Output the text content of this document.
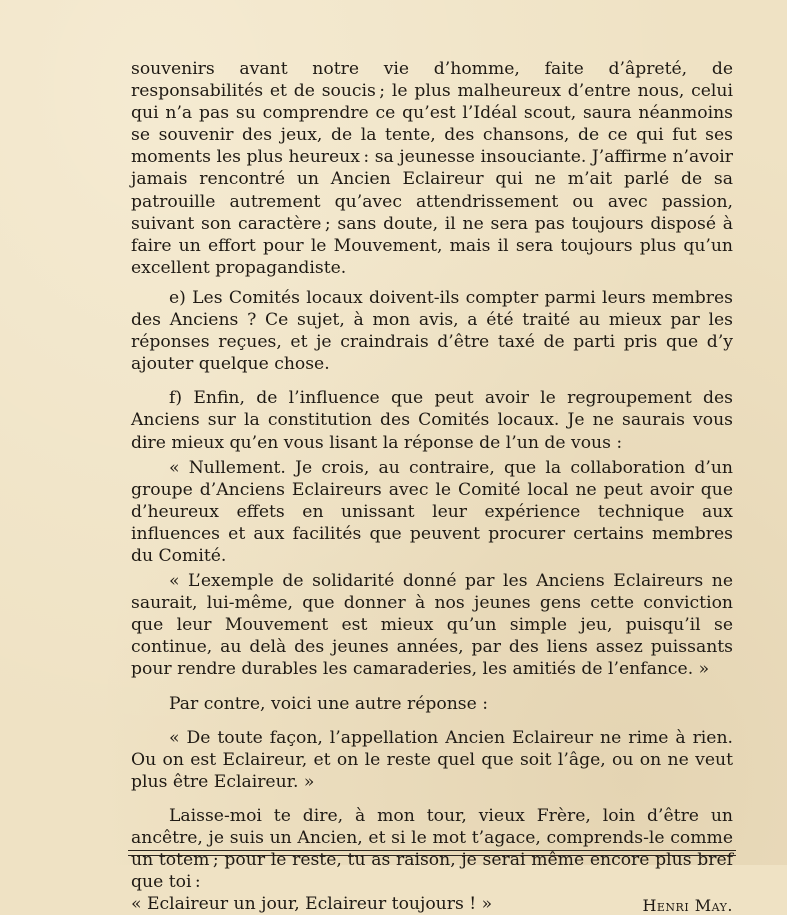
souvenirs avant notre vie d’homme, faite d’âpreté, de responsabilités et de soucis ; le plus malheureux d’entre nous, celui qui n’a pas su comprendre ce qu’est l’Idéal scout, saura néanmoins se souvenir des jeux, de la tente, des chansons, de ce qui fut ses moments les plus heureux : sa jeunesse insouciante. J’affirme n’avoir jamais rencontré un Ancien Eclaireur qui ne m’ait parlé de sa patrouille autrement qu’avec attendrissement ou avec passion, suivant son caractère ; sans doute, il ne sera pas toujours disposé à faire un effort pour le Mouvement, mais il sera toujours plus qu’un excellent propagandiste.

e) Les Comités locaux doivent-ils compter parmi leurs membres des Anciens ? Ce sujet, à mon avis, a été traité au mieux par les réponses reçues, et je craindrais d’être taxé de parti pris que d’y ajouter quelque chose.

f) Enfin, de l’influence que peut avoir le regroupement des Anciens sur la constitution des Comités locaux. Je ne saurais vous dire mieux qu’en vous lisant la réponse de l’un de vous :

« Nullement. Je crois, au contraire, que la collaboration d’un groupe d’Anciens Eclaireurs avec le Comité local ne peut avoir que d’heureux effets en unissant leur expérience technique aux influences et aux facilités que peuvent procurer certains membres du Comité.

« L’exemple de solidarité donné par les Anciens Eclaireurs ne saurait, lui-même, que donner à nos jeunes gens cette conviction que leur Mouvement est mieux qu’un simple jeu, puisqu’il se continue, au delà des jeunes années, par des liens assez puissants pour rendre durables les camaraderies, les amitiés de l’enfance. »

Par contre, voici une autre réponse :

« De toute façon, l’appellation Ancien Eclaireur ne rime à rien. Ou on est Eclaireur, et on le reste quel que soit l’âge, ou on ne veut plus être Eclaireur. »

Laisse-moi te dire, à mon tour, vieux Frère, loin d’être un ancêtre, je suis un Ancien, et si le mot t’agace, comprends-le comme un totem ; pour le reste, tu as raison, je serai même encore plus bref que toi :

« Eclaireur un jour, Eclaireur toujours ! »	Henri May.
